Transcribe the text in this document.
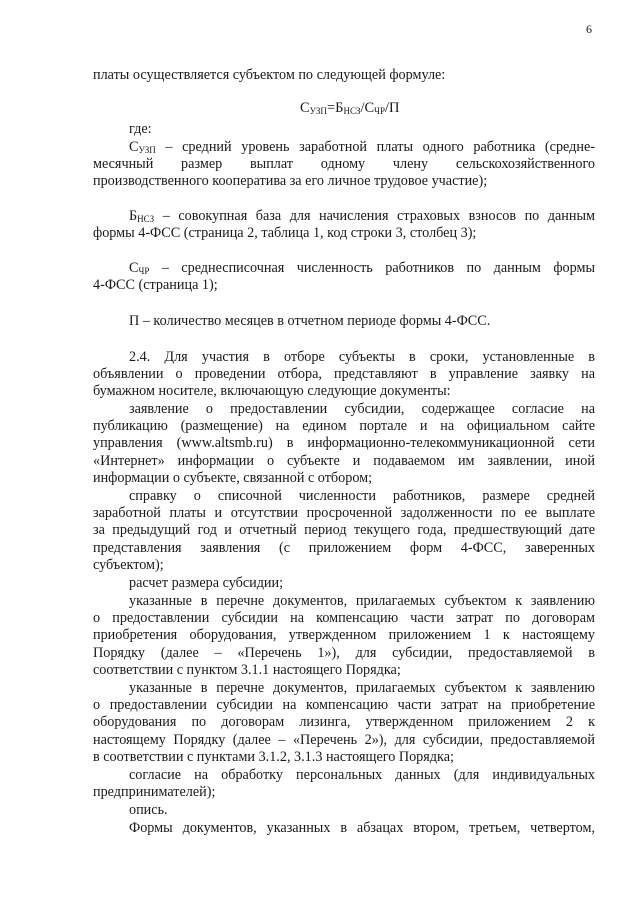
6
платы осуществляется субъектом по следующей формуле:
$С_{УЗП}=Б_{НСЗ}/С_{ЧР}/П$
где:
$С_{УЗП}$ – средний уровень заработной платы одного работника (средне-
месячный размер выплат одному члену сельскохозяйственного
производственного кооператива за его личное трудовое участие);
$Б_{НСЗ}$ – совокупная база для начисления страховых взносов по данным
формы 4-ФСС (страница 2, таблица 1, код строки 3, столбец 3);
$С_{ЧР}$ – среднесписочная численность работников по данным формы
4-ФСС (страница 1);
П – количество месяцев в отчетном периоде формы 4-ФСС.
2.4. Для участия в отборе субъекты в сроки, установленные в
объявлении о проведении отбора, представляют в управление заявку на
бумажном носителе, включающую следующие документы:
заявление о предоставлении субсидии, содержащее согласие на
публикацию (размещение) на едином портале и на официальном сайте
управления (www.altsmb.ru) в информационно-телекоммуникационной сети
«Интернет» информации о субъекте и подаваемом им заявлении, иной
информации о субъекте, связанной с отбором;
справку о списочной численности работников, размере средней
заработной платы и отсутствии просроченной задолженности по ее выплате
за предыдущий год и отчетный период текущего года, предшествующий дате
представления заявления (с приложением форм 4-ФСС, заверенных
субъектом);
расчет размера субсидии;
указанные в перечне документов, прилагаемых субъектом к заявлению
о предоставлении субсидии на компенсацию части затрат по договорам
приобретения оборудования, утвержденном приложением 1 к настоящему
Порядку (далее – «Перечень 1»), для субсидии, предоставляемой в
соответствии с пунктом 3.1.1 настоящего Порядка;
указанные в перечне документов, прилагаемых субъектом к заявлению
о предоставлении субсидии на компенсацию части затрат на приобретение
оборудования по договорам лизинга, утвержденном приложением 2 к
настоящему Порядку (далее – «Перечень 2»), для субсидии, предоставляемой
в соответствии с пунктами 3.1.2, 3.1.3 настоящего Порядка;
согласие на обработку персональных данных (для индивидуальных
предпринимателей);
опись.
Формы документов, указанных в абзацах втором, третьем, четвертом,
